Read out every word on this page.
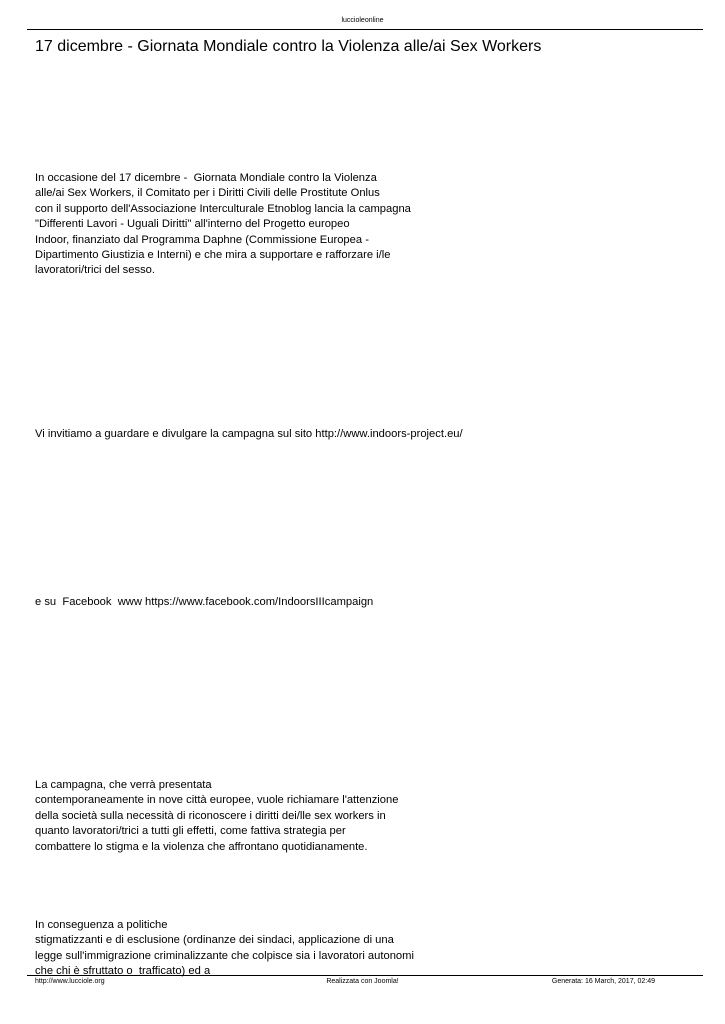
luccioleonline
17 dicembre - Giornata Mondiale contro la Violenza alle/ai Sex Workers
In occasione del 17 dicembre -  Giornata Mondiale contro la Violenza
alle/ai Sex Workers, il Comitato per i Diritti Civili delle Prostitute Onlus
con il supporto dell'Associazione Interculturale Etnoblog lancia la campagna
"Differenti Lavori - Uguali Diritti" all'interno del Progetto europeo
Indoor, finanziato dal Programma Daphne (Commissione Europea -
Dipartimento Giustizia e Interni) e che mira a supportare e rafforzare i/le
lavoratori/trici del sesso.
Vi invitiamo a guardare e divulgare la campagna sul sito http://www.indoors-project.eu/
e su  Facebook  www https://www.facebook.com/IndoorsIIIcampaign
La campagna, che verrà presentata
contemporaneamente in nove città europee, vuole richiamare l'attenzione
della società sulla necessità di riconoscere i diritti dei/lle sex workers in
quanto lavoratori/trici a tutti gli effetti, come fattiva strategia per
combattere lo stigma e la violenza che affrontano quotidianamente.
In conseguenza a politiche
stigmatizzanti e di esclusione (ordinanze dei sindaci, applicazione di una
legge sull'immigrazione criminalizzante che colpisce sia i lavoratori autonomi
che chi è sfruttato o  trafficato) ed a
http://www.lucciole.org	Realizzata con Joomla!	Generata: 16 March, 2017, 02:49
